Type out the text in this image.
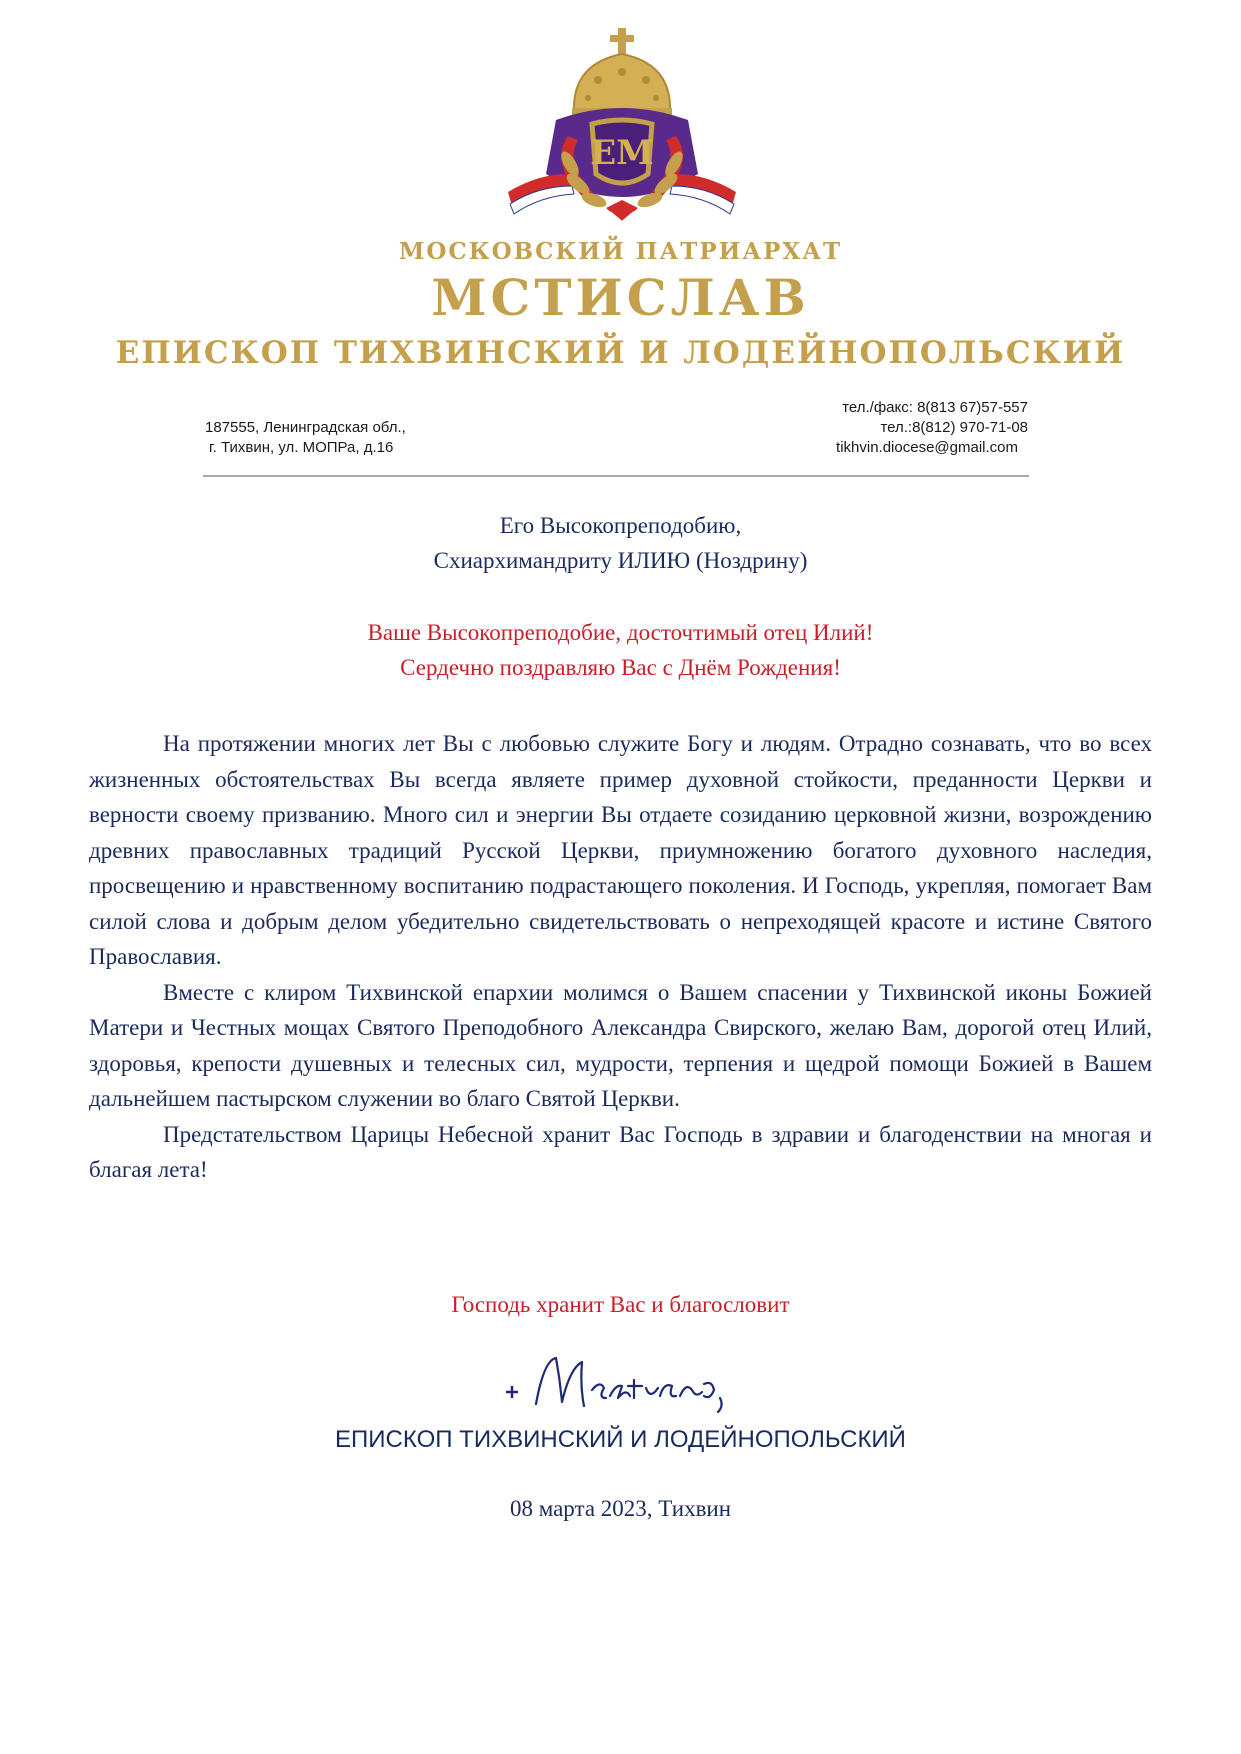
ЕМ
МОСКОВСКИЙ ПАТРИАРХАТ
МСТИСЛАВ
ЕПИСКОП ТИХВИНСКИЙ И ЛОДЕЙНОПОЛЬСКИЙ
187555, Ленинградская обл.,
г. Тихвин, ул. МОПРа, д.16
тел./факс: 8(813 67)57-557
тел.:8(812) 970-71-08
tikhvin.diocese@gmail.com
Его Высокопреподобию,
Схиархимандриту ИЛИЮ (Ноздрину)
Ваше Высокопреподобие, досточтимый отец Илий!
Сердечно поздравляю Вас с Днём Рождения!

На протяжении многих лет Вы с любовью служите Богу и людям. Отрадно сознавать, что во всех жизненных обстоятельствах Вы всегда являете пример духовной стойкости, преданности Церкви и верности своему призванию. Много сил и энергии Вы отдаете созиданию церковной жизни, возрождению древних православных традиций Русской Церкви, приумножению богатого духовного наследия, просвещению и нравственному воспитанию подрастающего поколения. И Господь, укрепляя, помогает Вам силой слова и добрым делом убедительно свидетельствовать о непреходящей красоте и истине Святого Православия.

Вместе с клиром Тихвинской епархии молимся о Вашем спасении у Тихвинской иконы Божией Матери и Честных мощах Святого Преподобного Александра Свирского, желаю Вам, дорогой отец Илий, здоровья, крепости душевных и телесных сил, мудрости, терпения и щедрой помощи Божией в Вашем дальнейшем пастырском служении во благо Святой Церкви.

Предстательством Царицы Небесной хранит Вас Господь в здравии и благоденствии на многая и благая лета!

Господь хранит Вас и благословит
ЕПИСКОП ТИХВИНСКИЙ И ЛОДЕЙНОПОЛЬСКИЙ
08 марта 2023, Тихвин
